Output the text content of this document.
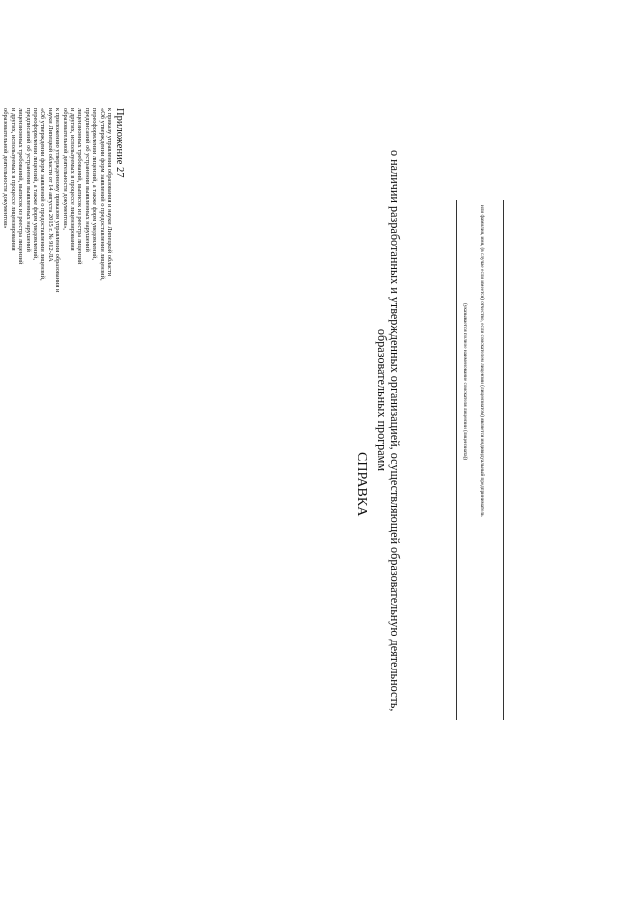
Приложение 27
к приказу управления образования и науки Липецкой области
«Об утверждении форм заявлений о предоставлении лицензий,
переоформлении лицензий, а также форм уведомлений,
предписаний об устранении выявленных нарушений
лицензионных требований, выписок из реестра лицензий
и других, используемых в процессе лицензирования
образовательной деятельности документов»,
к приложению утвержденному приказом управления образования и
науки Липецкой области от 14 августа 2015 г. № 912-ЛА
«Об утверждении форм заявлений о предоставлении лицензий,
переоформлении лицензий, а также форм уведомлений,
предписаний об устранении выявленных нарушений
лицензионных требований, выписок из реестра лицензий
и других, используемых в процессе лицензирования
образовательной деятельности документов»
СПРАВКА о наличии разработанных и утвержденных организацией, осуществляющей образовательную деятельность,
образовательных программ	(указывается полное наименование соискателя лицензии (лицензиата)) или фамилия, имя, (в случае если имеется) отчество, если соискателем лицензии (лицензиатом) является индивидуальный предприниматель
